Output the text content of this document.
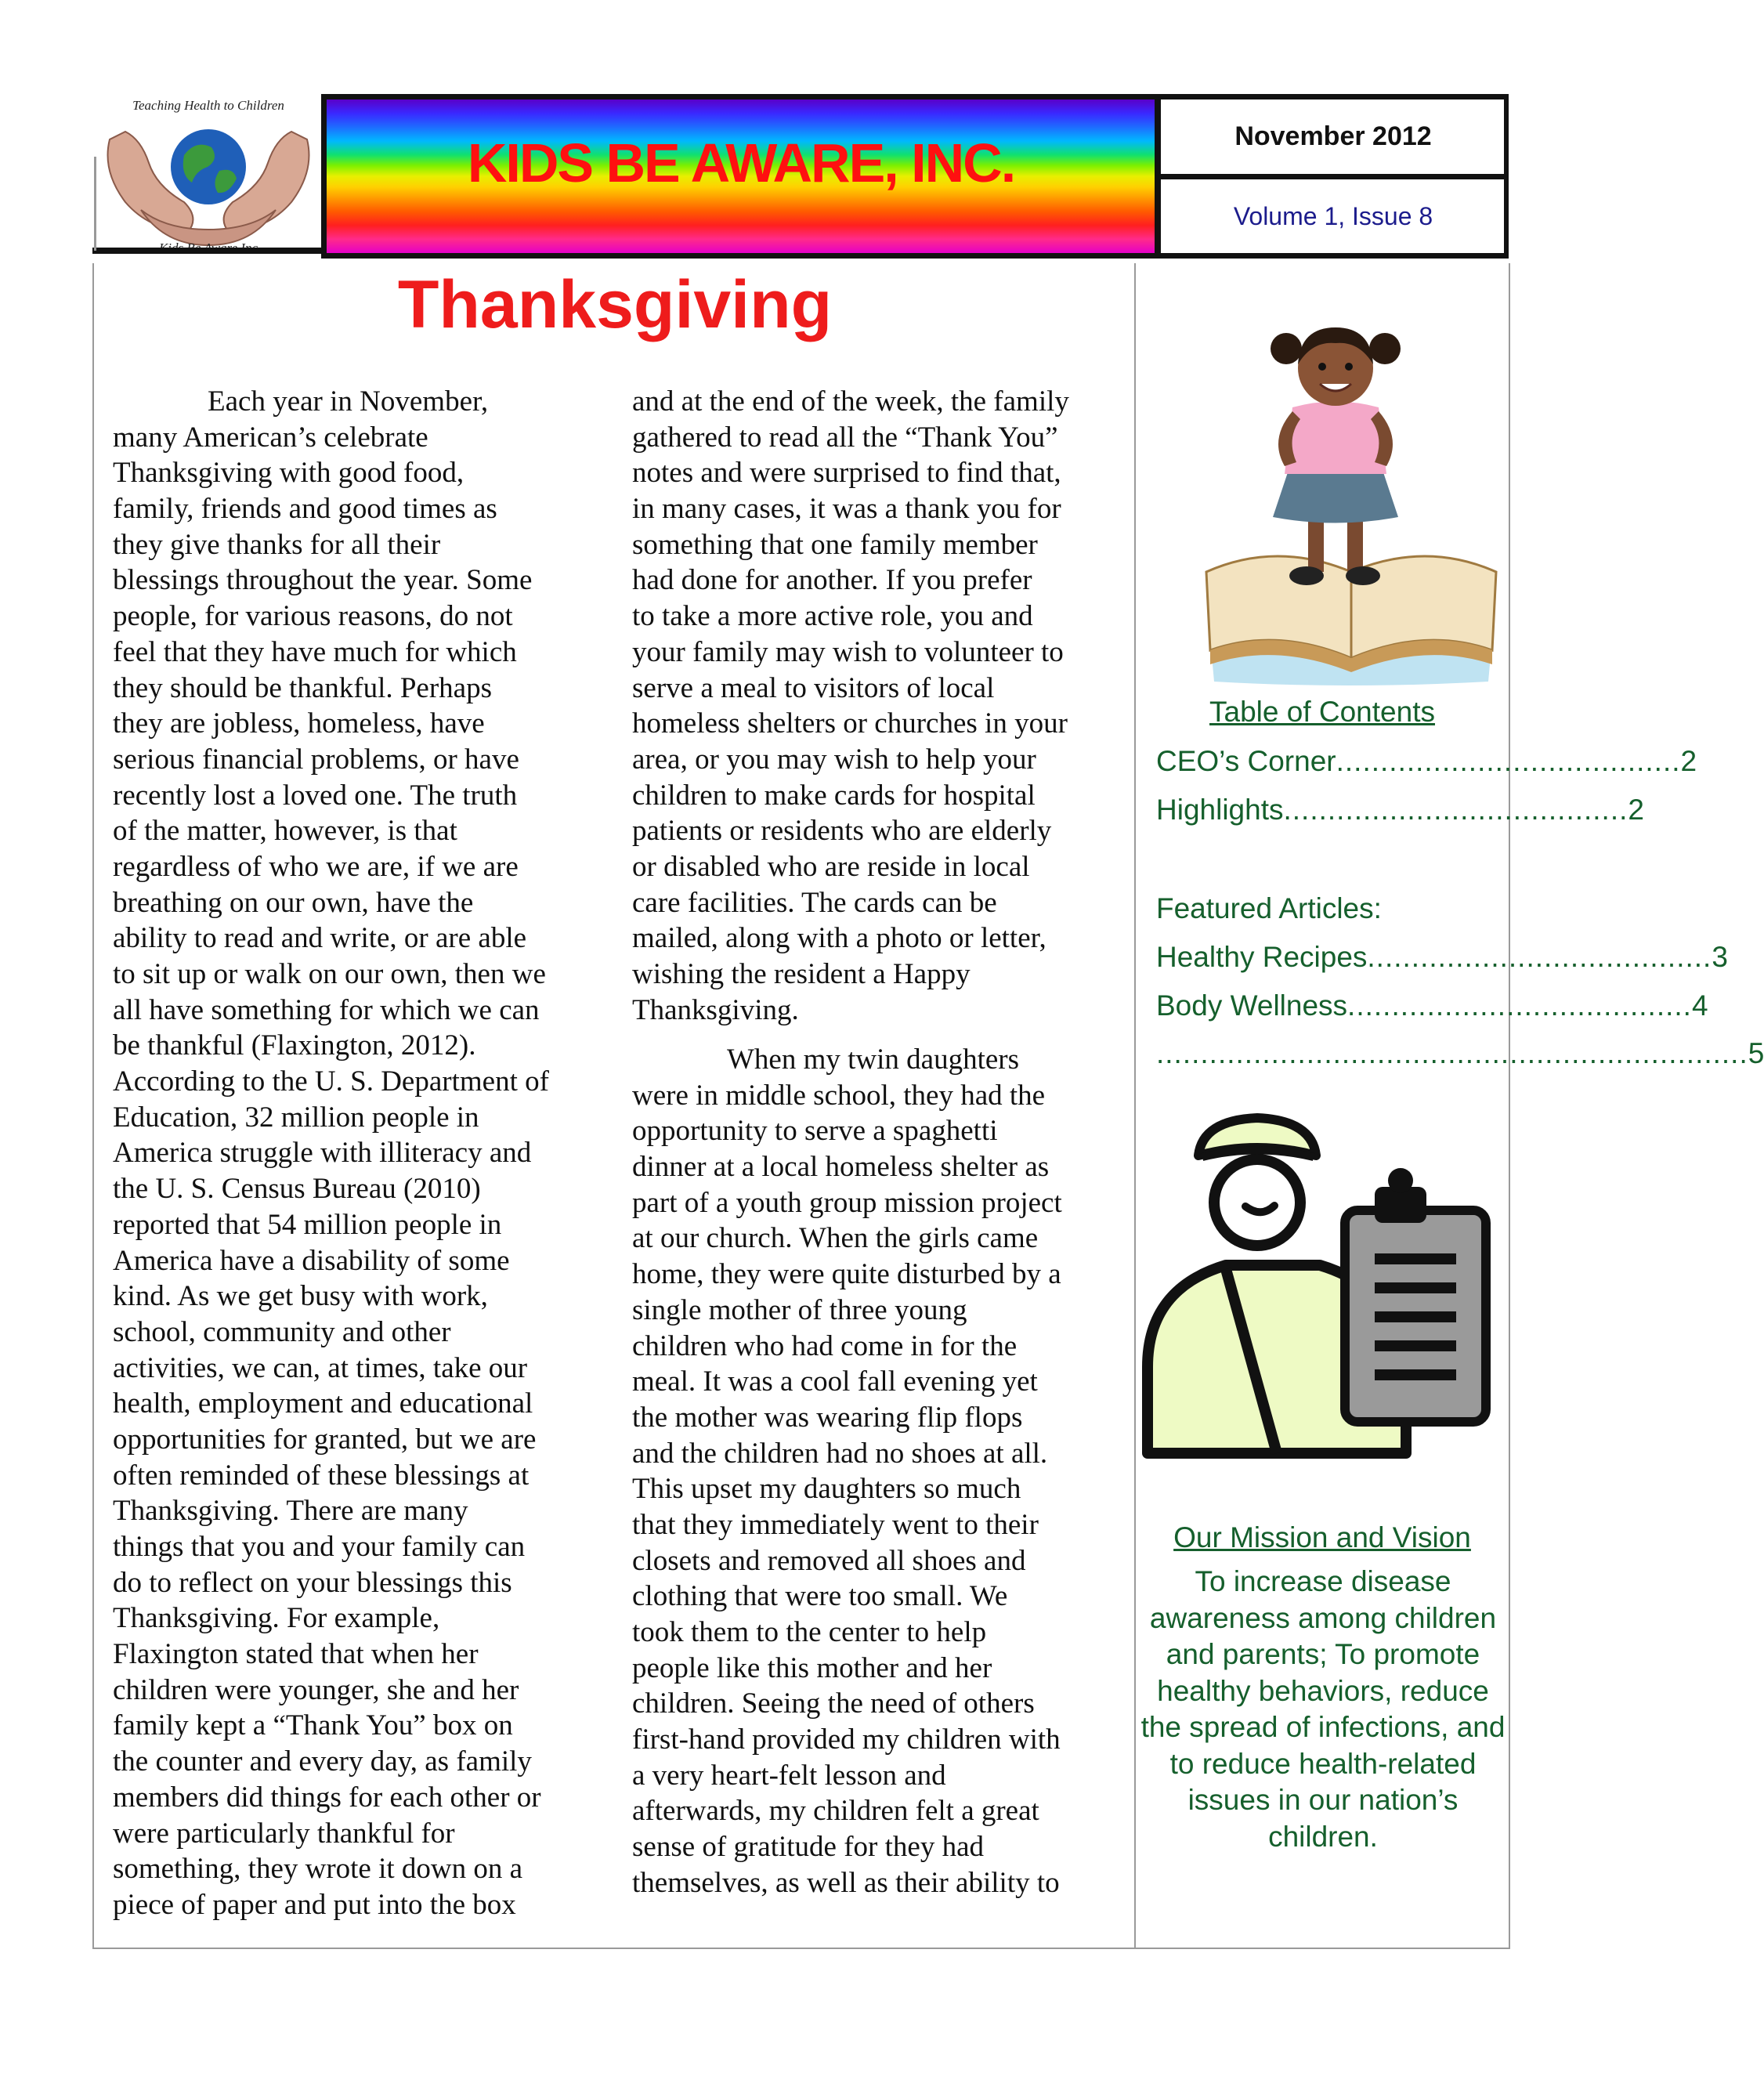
Teaching Health to Children
KIDS BE AWARE, INC.	November 2012
Volume 1, Issue 8
Thanksgiving
Each year in November,
many American’s celebrate
Thanksgiving with good food,
family, friends and good times as
they give thanks for all their
blessings throughout the year. Some
people, for various reasons, do not
feel that they have much for which
they should be thankful. Perhaps
they are jobless, homeless, have
serious financial problems, or have
recently lost a loved one. The truth
of the matter, however, is that
regardless of who we are, if we are
breathing on our own, have the
ability to read and write, or are able
to sit up or walk on our own, then we
all have something for which we can
be thankful (Flaxington, 2012).
According to the U. S. Department of
Education, 32 million people in
America struggle with illiteracy and
the U. S. Census Bureau (2010)
reported that 54 million people in
America have a disability of some
kind. As we get busy with work,
school, community and other
activities, we can, at times, take our
health, employment and educational
opportunities for granted, but we are
often reminded of these blessings at
Thanksgiving. There are many
things that you and your family can
do to reflect on your blessings this
Thanksgiving. For example,
Flaxington stated that when her
children were younger, she and her
family kept a “Thank You” box on
the counter and every day, as family
members did things for each other or
were particularly thankful for
something, they wrote it down on a
piece of paper and put into the box
and at the end of the week, the family
gathered to read all the “Thank You”
notes and were surprised to find that,
in many cases, it was a thank you for
something that one family member
had done for another. If you prefer
to take a more active role, you and
your family may wish to volunteer to
serve a meal to visitors of local
homeless shelters or churches in your
area, or you may wish to help your
children to make cards for hospital
patients or residents who are elderly
or disabled who are reside in local
care facilities. The cards can be
mailed, along with a photo or letter,
wishing the resident a Happy
Thanksgiving.
When my twin daughters
were in middle school, they had the
opportunity to serve a spaghetti
dinner at a local homeless shelter as
part of a youth group mission project
at our church. When the girls came
home, they were quite disturbed by a
single mother of three young
children who had come in for the
meal. It was a cool fall evening yet
the mother was wearing flip flops
and the children had no shoes at all.
This upset my daughters so much
that they immediately went to their
closets and removed all shoes and
clothing that were too small. We
took them to the center to help
people like this mother and her
children. Seeing the need of others
first-hand provided my children with
a very heart-felt lesson and
afterwards, my children felt a great
sense of gratitude for they had
themselves, as well as their ability to
Table of Contents
CEO’s Corner ....................................... 2
Highlights ....................................... 2
Featured Articles:
Healthy Recipes ....................................... 3
Body Wellness ....................................... 4
................................................................... 5
Our Mission and Vision
To increase disease awareness among children and parents; To promote healthy behaviors, reduce the spread of infections, and to reduce health-related issues in our nation’s children.
